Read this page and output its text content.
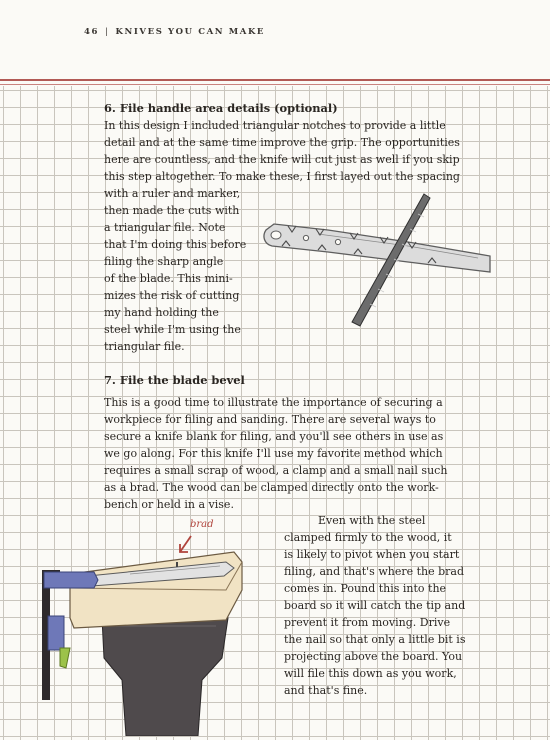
46 | KNIVES YOU CAN MAKE
6. File handle area details (optional)
In this design I included triangular notches to provide a little
detail and at the same time improve the grip. The opportunities
here are countless, and the knife will cut just as well if you skip
this step altogether. To make these, I first layed out the spacing
with a ruler and marker,
then made the cuts with
a triangular file. Note
that I'm doing this before
filing the sharp angle
of the blade. This mini-
mizes the risk of cutting
my hand holding the
steel while I'm using the
triangular file.
7. File the blade bevel
This is a good time to illustrate the importance of securing a
workpiece for filing and sanding. There are several ways to
secure a knife blank for filing, and you'll see others in use as
we go along. For this knife I'll use my favorite method which
requires a small scrap of wood, a clamp and a small nail such
as a brad. The wood can be clamped directly onto the work-
bench or held in a vise.
Even with the steel
clamped firmly to the wood, it
is likely to pivot when you start
filing, and that's where the brad
comes in. Pound this into the
board so it will catch the tip and
prevent it from moving. Drive
the nail so that only a little bit is
projecting above the board. You
will file this down as you work,
and that's fine.
brad
